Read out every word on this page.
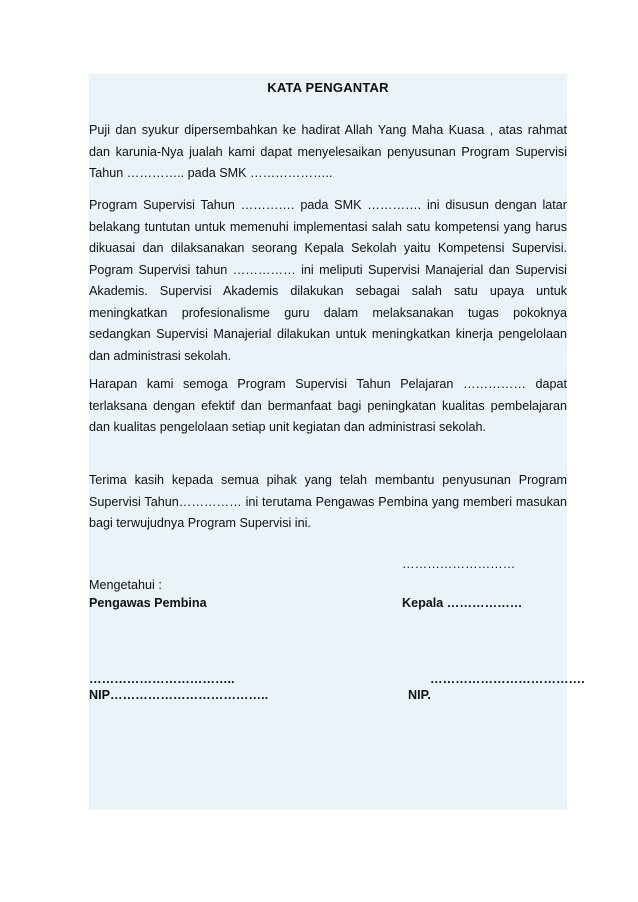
KATA PENGANTAR

Puji dan syukur dipersembahkan ke hadirat Allah Yang Maha Kuasa , atas rahmat dan karunia-Nya jualah kami dapat menyelesaikan penyusunan Program Supervisi Tahun ………….. pada SMK ………………..

Program Supervisi Tahun …………. pada SMK …………. ini disusun dengan latar belakang tuntutan untuk memenuhi implementasi salah satu kompetensi yang harus dikuasai dan dilaksanakan seorang Kepala Sekolah yaitu Kompetensi Supervisi. Pogram Supervisi tahun …………… ini meliputi Supervisi Manajerial dan Supervisi Akademis. Supervisi Akademis dilakukan sebagai salah satu upaya untuk meningkatkan profesionalisme guru dalam melaksanakan tugas pokoknya sedangkan Supervisi Manajerial dilakukan untuk meningkatkan kinerja pengelolaan dan administrasi sekolah.

Harapan kami semoga Program Supervisi Tahun Pelajaran …………… dapat terlaksana dengan efektif dan bermanfaat bagi peningkatan kualitas pembelajaran dan kualitas pengelolaan setiap unit kegiatan dan administrasi sekolah.

Terima kasih kepada semua pihak yang telah membantu penyusunan Program Supervisi Tahun…………… ini terutama Pengawas Pembina yang memberi masukan bagi terwujudnya Program Supervisi ini.

………………………
Mengetahui :
Pengawas Pembina	Kepala ………………
……………………………..	……………………………….
NIP………………………………..	NIP.
